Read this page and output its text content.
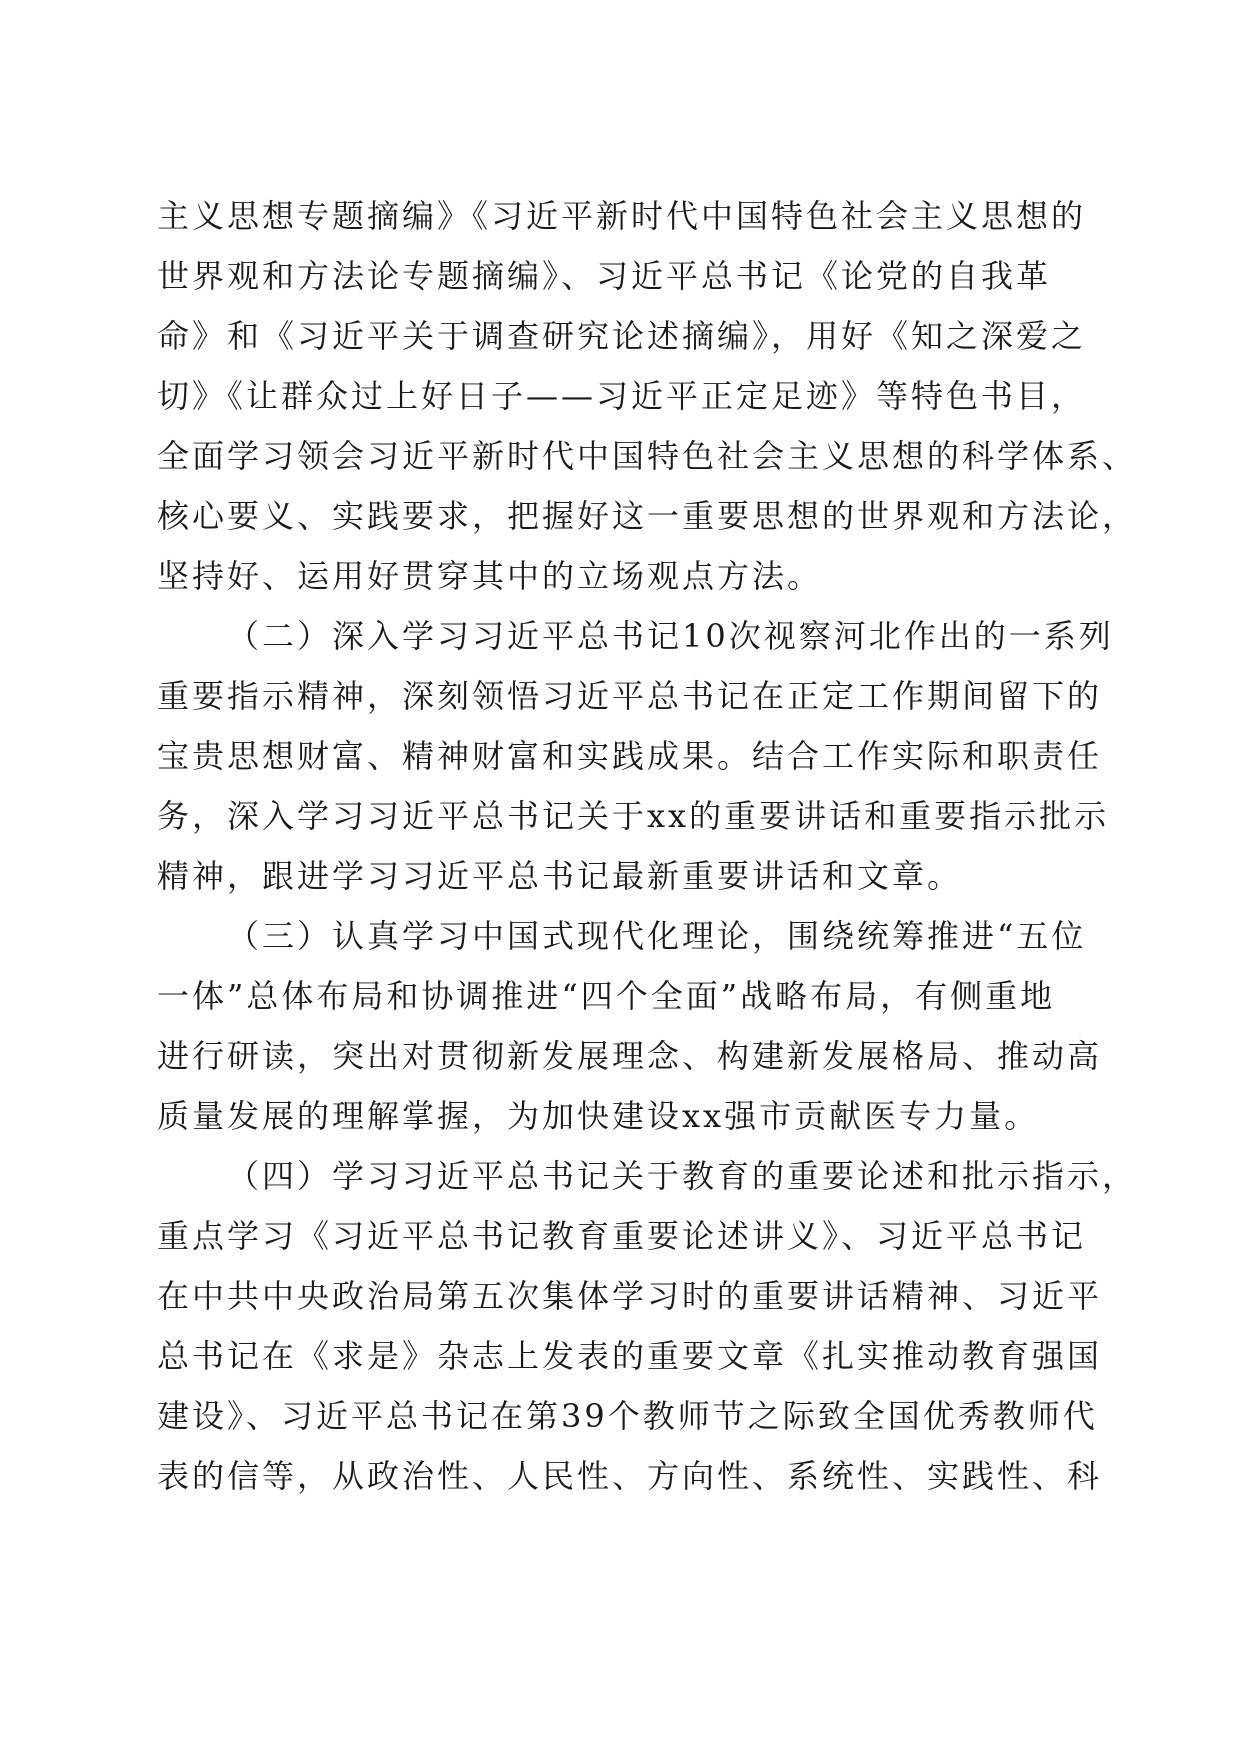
主义思想专题摘编》《习近平新时代中国特色社会主义思想的
世界观和方法论专题摘编》、习近平总书记《论党的自我革
命》和《习近平关于调查研究论述摘编》，用好《知之深爱之
切》《让群众过上好日子——习近平正定足迹》等特色书目，
全面学习领会习近平新时代中国特色社会主义思想的科学体系、
核心要义、实践要求，把握好这一重要思想的世界观和方法论，
坚持好、运用好贯穿其中的立场观点方法。
（二）深入学习习近平总书记10次视察河北作出的一系列
重要指示精神，深刻领悟习近平总书记在正定工作期间留下的
宝贵思想财富、精神财富和实践成果。结合工作实际和职责任
务，深入学习习近平总书记关于xx的重要讲话和重要指示批示
精神，跟进学习习近平总书记最新重要讲话和文章。
（三）认真学习中国式现代化理论，围绕统筹推进“五位
一体”总体布局和协调推进“四个全面”战略布局，有侧重地
进行研读，突出对贯彻新发展理念、构建新发展格局、推动高
质量发展的理解掌握，为加快建设xx强市贡献医专力量。
（四）学习习近平总书记关于教育的重要论述和批示指示，
重点学习《习近平总书记教育重要论述讲义》、习近平总书记
在中共中央政治局第五次集体学习时的重要讲话精神、习近平
总书记在《求是》杂志上发表的重要文章《扎实推动教育强国
建设》、习近平总书记在第39个教师节之际致全国优秀教师代
表的信等，从政治性、人民性、方向性、系统性、实践性、科
